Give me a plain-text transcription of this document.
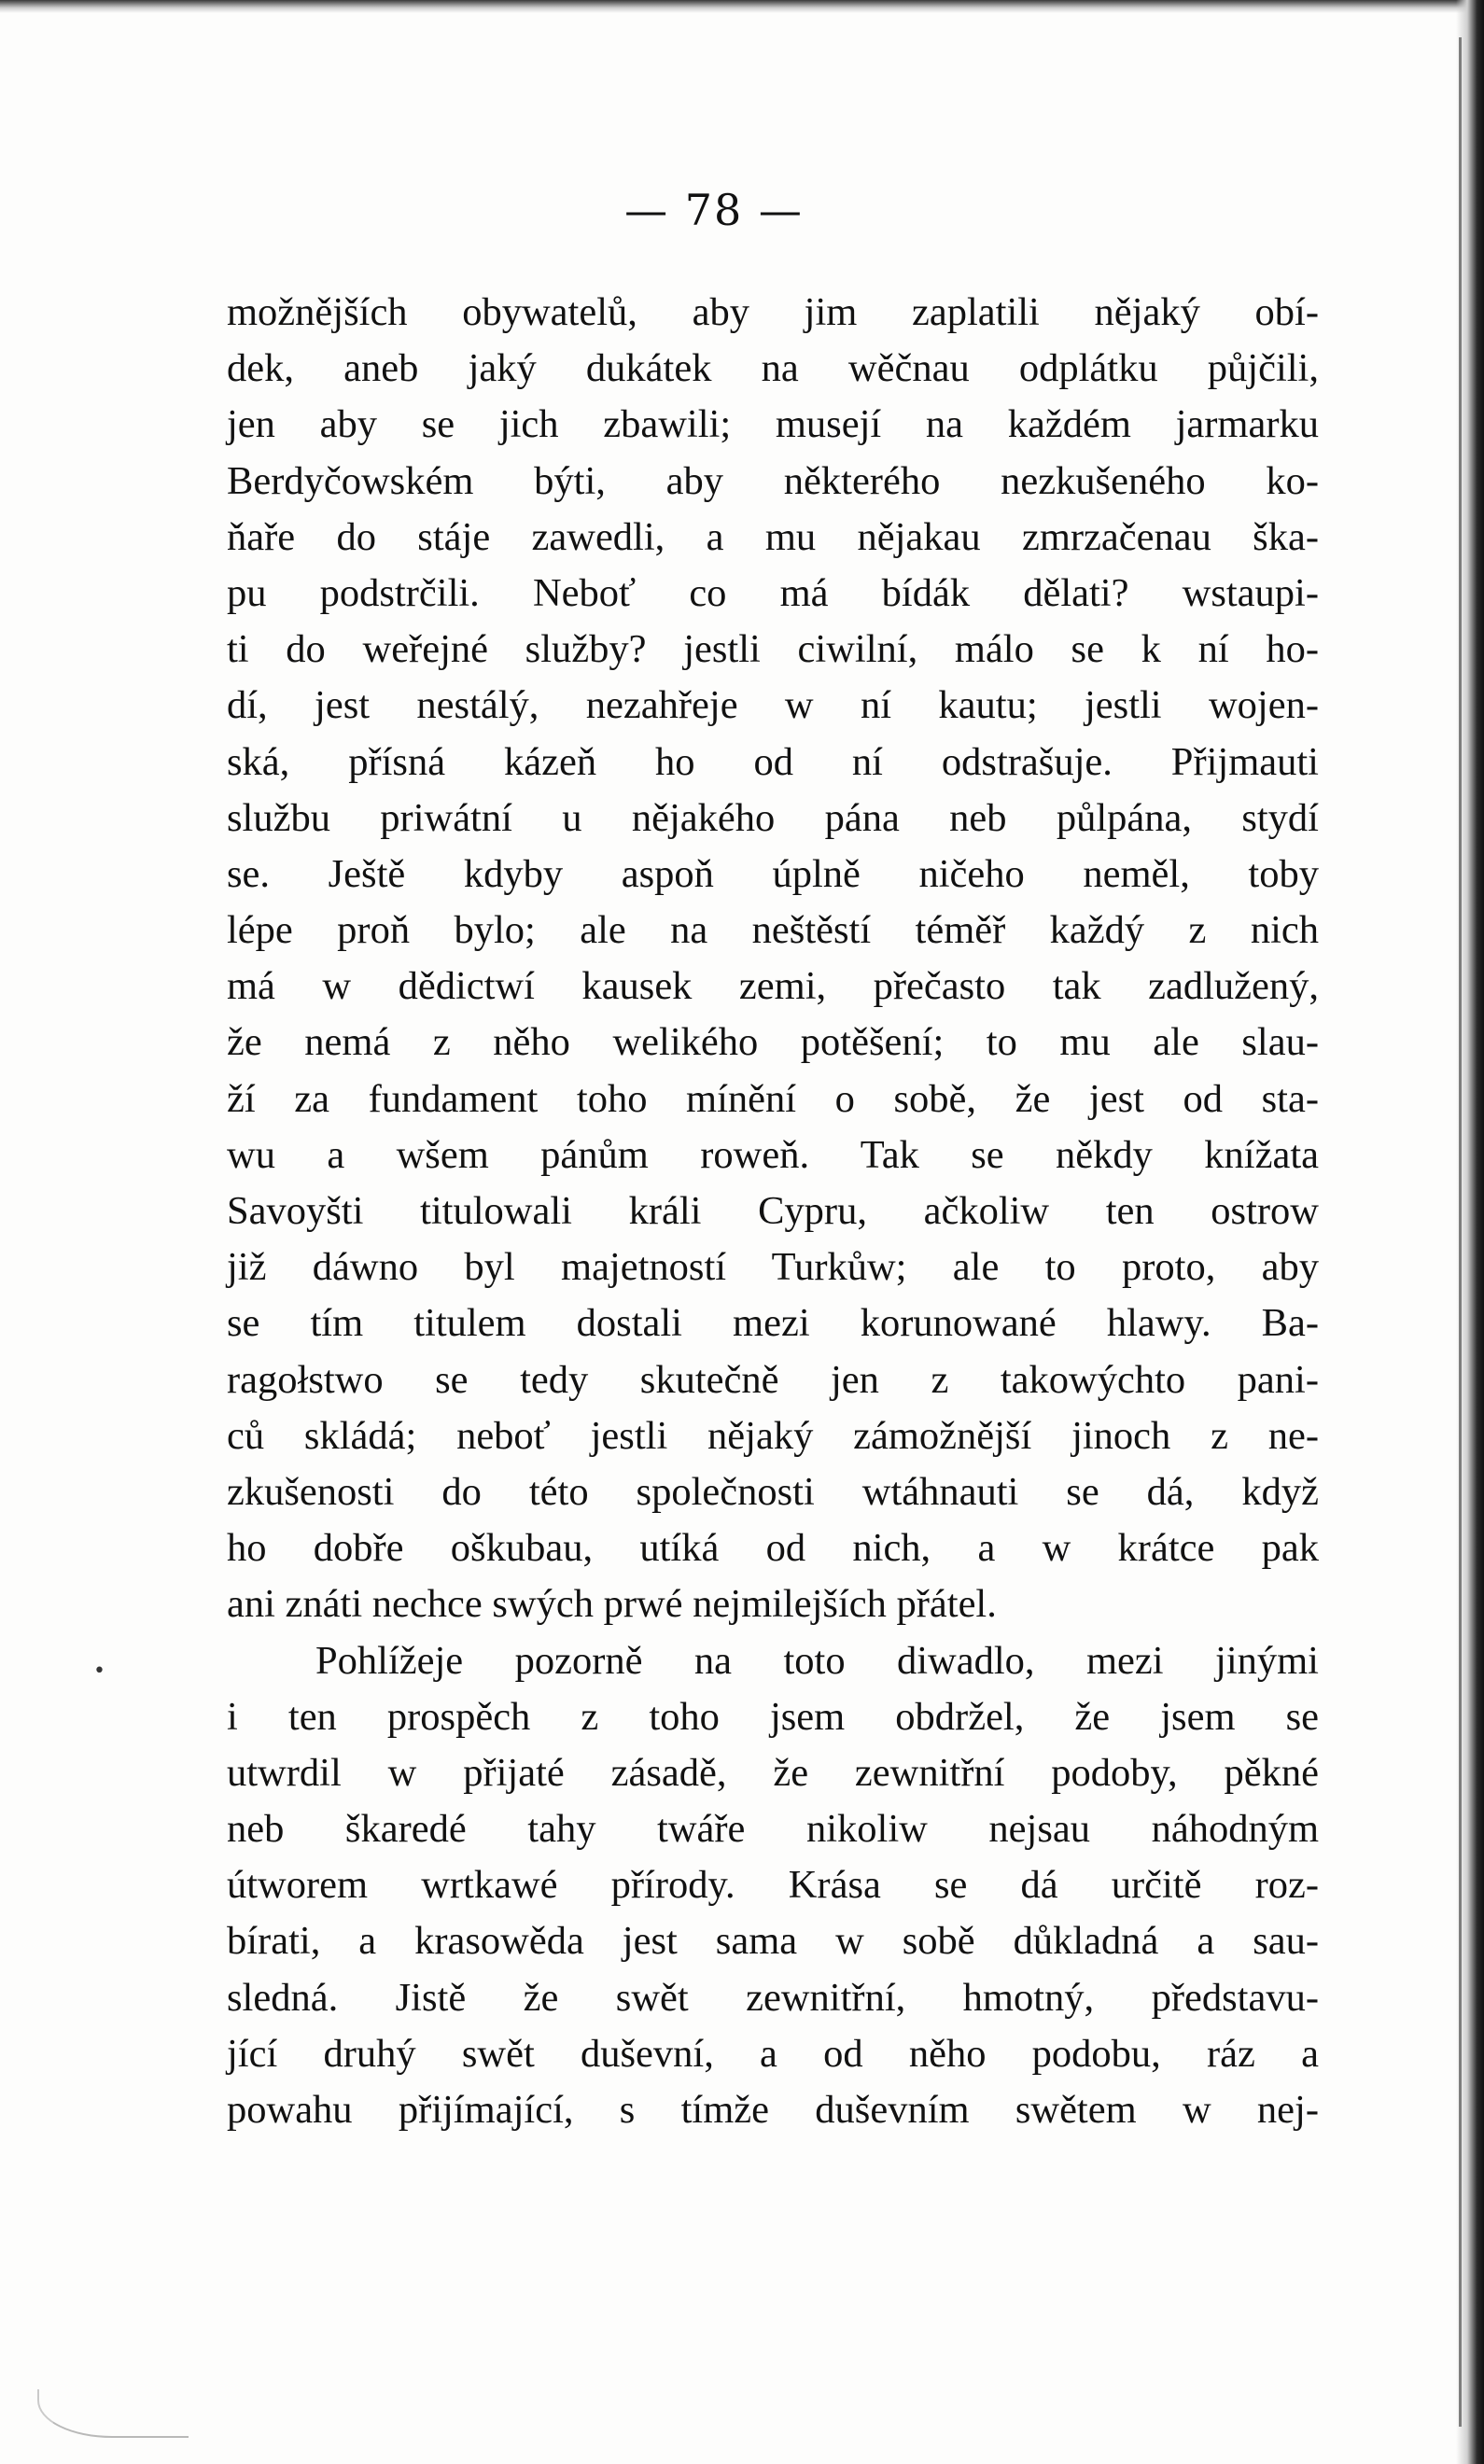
— 78 —
možnějších obywatelů, aby jim zaplatili nějaký obí-
dek, aneb jaký dukátek na wěčnau odplátku půjčili,
jen aby se jich zbawili; musejí na každém jarmarku
Berdyčowském býti, aby některého nezkušeného ko-
ňaře do stáje zawedli, a mu nějakau zmrzačenau ška-
pu podstrčili. Neboť co má bídák dělati? wstaupi-
ti do weřejné služby? jestli ciwilní, málo se k ní ho-
dí, jest nestálý, nezahřeje w ní kautu; jestli wojen-
ská, přísná kázeň ho od ní odstrašuje. Přijmauti
službu priwátní u nějakého pána neb půlpána, stydí
se. Ještě kdyby aspoň úplně ničeho neměl, toby
lépe proň bylo; ale na neštěstí téměř každý z nich
má w dědictwí kausek zemi, přečasto tak zadlužený,
že nemá z něho welikého potěšení; to mu ale slau-
ží za fundament toho mínění o sobě, že jest od sta-
wu a wšem pánům roweň. Tak se někdy knížata
Savoyšti titulowali králi Cypru, ačkoliw ten ostrow
již dáwno byl majetností Turkůw; ale to proto, aby
se tím titulem dostali mezi korunowané hlawy. Ba-
ragołstwo se tedy skutečně jen z takowýchto pani-
ců skládá; neboť jestli nějaký zámožnější jinoch z ne-
zkušenosti do této společnosti wtáhnauti se dá, když
ho dobře oškubau, utíká od nich, a w krátce pak
ani znáti nechce swých prwé nejmilejších přátel.
Pohlížeje pozorně na toto diwadlo, mezi jinými
i ten prospěch z toho jsem obdržel, že jsem se
utwrdil w přijaté zásadě, že zewnitřní podoby, pěkné
neb škaredé tahy twáře nikoliw nejsau náhodným
útworem wrtkawé přírody. Krása se dá určitě roz-
bírati, a krasowěda jest sama w sobě důkladná a sau-
sledná. Jistě že swět zewnitřní, hmotný, představu-
jící druhý swět duševní, a od něho podobu, ráz a
powahu přijímající, s tímže duševním swětem w nej-
•
